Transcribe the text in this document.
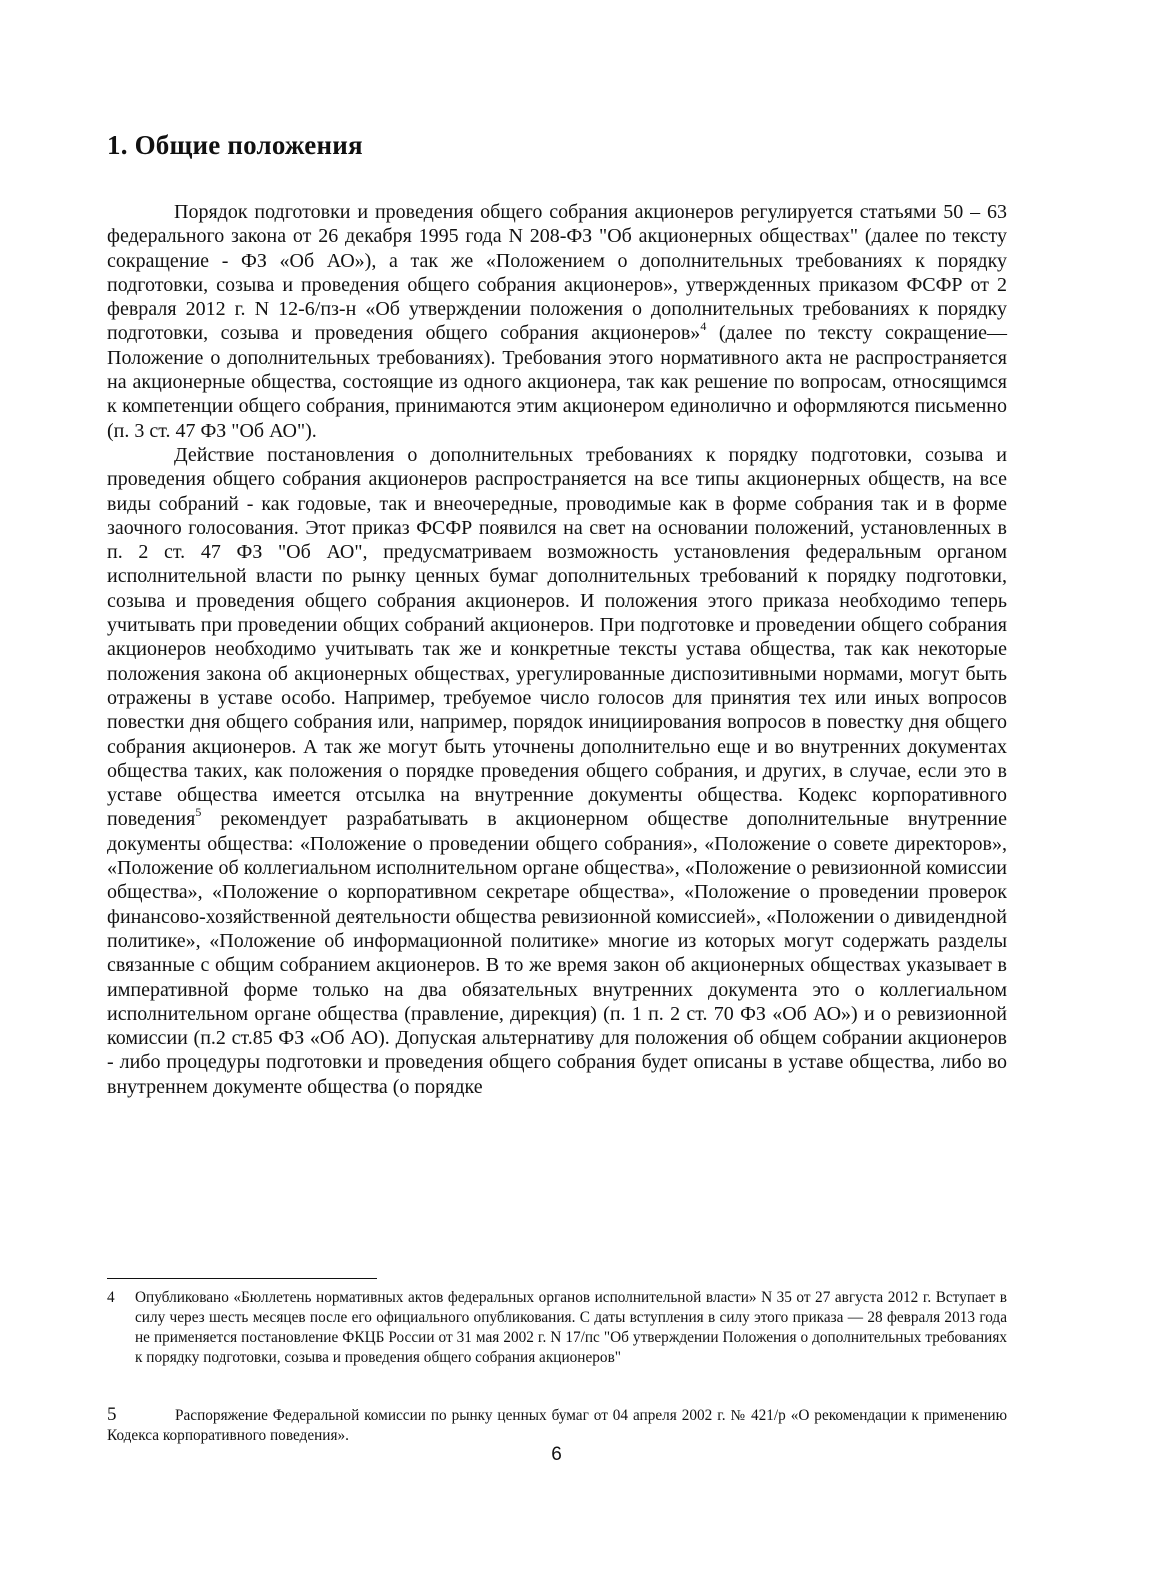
1. Общие положения

Порядок подготовки и проведения общего собрания акционеров регулируется статьями 50 – 63 федерального закона от 26 декабря 1995 года N 208-ФЗ "Об акционерных обществах" (далее по тексту сокращение - ФЗ «Об АО»), а так же «Положением о дополнительных требованиях к порядку подготовки, созыва и проведения общего собрания акционеров», утвержденных приказом ФСФР от 2 февраля 2012 г. N 12-6/пз-н «Об утверждении положения о дополнительных требованиях к порядку подготовки, созыва и проведения общего собрания акционеров»$^4$ (далее по тексту сокращение— Положение о дополнительных требованиях). Требования этого нормативного акта не распространяется на акционерные общества, состоящие из одного акционера, так как решение по вопросам, относящимся к компетенции общего собрания, принимаются этим акционером единолично и оформляются письменно (п. 3 ст. 47 ФЗ "Об АО").

Действие постановления о дополнительных требованиях к порядку подготовки, созыва и проведения общего собрания акционеров распространяется на все типы акционерных обществ, на все виды собраний - как годовые, так и внеочередные, проводимые как в форме собрания так и в форме заочного голосования. Этот приказ ФСФР появился на свет на основании положений, установленных в п. 2 ст. 47 ФЗ "Об АО", предусматриваем возможность установления федеральным органом исполнительной власти по рынку ценных бумаг дополнительных требований к порядку подготовки, созыва и проведения общего собрания акционеров. И положения этого приказа необходимо теперь учитывать при проведении общих собраний акционеров. При подготовке и проведении общего собрания акционеров необходимо учитывать так же и конкретные тексты устава общества, так как некоторые положения закона об акционерных обществах, урегулированные диспозитивными нормами, могут быть отражены в уставе особо. Например, требуемое число голосов для принятия тех или иных вопросов повестки дня общего собрания или, например, порядок инициирования вопросов в повестку дня общего собрания акционеров. А так же могут быть уточнены дополнительно еще и во внутренних документах общества таких, как положения о порядке проведения общего собрания, и других, в случае, если это в уставе общества имеется отсылка на внутренние документы общества. Кодекс корпоративного поведения$^5$ рекомендует разрабатывать в акционерном обществе дополнительные внутренние документы общества: «Положение о проведении общего собрания», «Положение о совете директоров», «Положение об коллегиальном исполнительном органе общества», «Положение о ревизионной комиссии общества», «Положение о корпоративном секретаре общества», «Положение о проведении проверок финансово-хозяйственной деятельности общества ревизионной комиссией», «Положении о дивидендной политике», «Положение об информационной политике» многие из которых могут содержать разделы связанные с общим собранием акционеров. В то же время закон об акционерных обществах указывает в императивной форме только на два обязательных внутренних документа это о коллегиальном исполнительном органе общества (правление, дирекция) (п. 1 п. 2 ст. 70 ФЗ «Об АО») и о ревизионной комиссии (п.2 ст.85 ФЗ «Об АО). Допуская альтернативу для положения об общем собрании акционеров - либо процедуры подготовки и проведения общего собрания будет описаны в уставе общества, либо во внутреннем документе общества (о порядке

4 Опубликовано «Бюллетень нормативных актов федеральных органов исполнительной власти» N 35 от 27 августа 2012 г. Вступает в силу через шесть месяцев после его официального опубликования. С даты вступления в силу этого приказа — 28 февраля 2013 года не применяется постановление ФКЦБ России от 31 мая 2002 г. N 17/пс "Об утверждении Положения о дополнительных требованиях к порядку подготовки, созыва и проведения общего собрания акционеров"
5	Распоряжение Федеральной комиссии по рынку ценных бумаг от 04 апреля 2002 г. № 421/р «О рекомендации к применению Кодекса корпоративного поведения».
6
